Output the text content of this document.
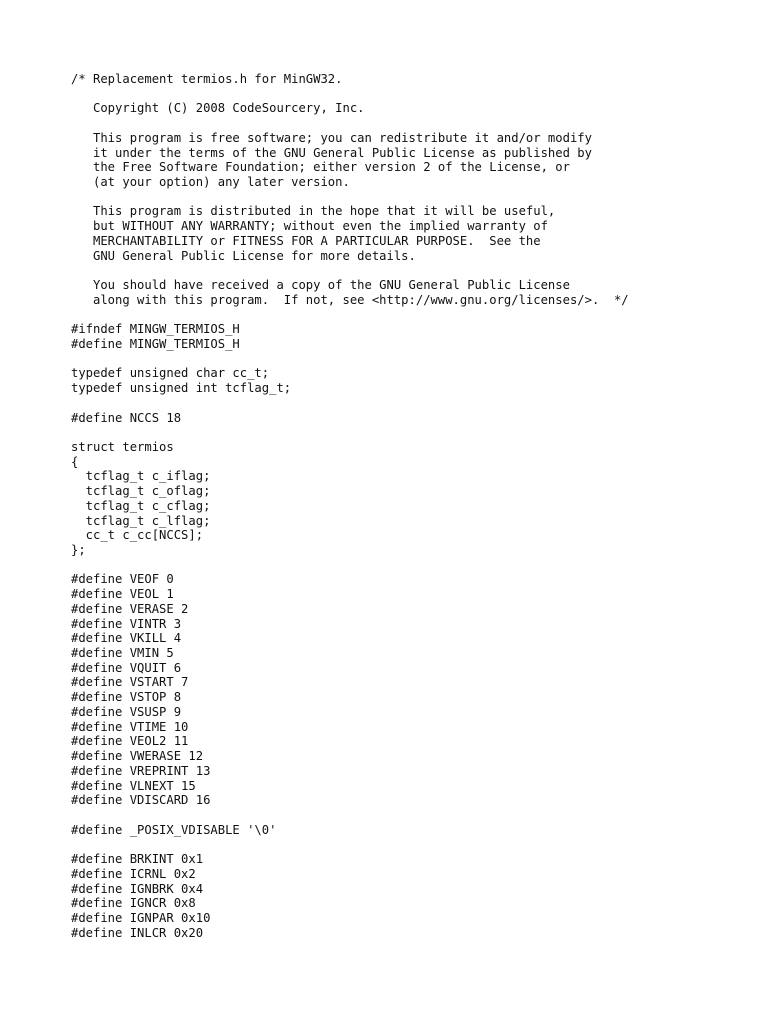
/* Replacement termios.h for MinGW32.
Copyright (C) 2008 CodeSourcery, Inc.
This program is free software; you can redistribute it and/or modify
it under the terms of the GNU General Public License as published by
the Free Software Foundation; either version 2 of the License, or
(at your option) any later version.
This program is distributed in the hope that it will be useful,
but WITHOUT ANY WARRANTY; without even the implied warranty of
MERCHANTABILITY or FITNESS FOR A PARTICULAR PURPOSE.  See the
GNU General Public License for more details.
You should have received a copy of the GNU General Public License
along with this program.  If not, see <http://www.gnu.org/licenses/>.  */
#ifndef MINGW_TERMIOS_H
#define MINGW_TERMIOS_H
typedef unsigned char cc_t;
typedef unsigned int tcflag_t;
#define NCCS 18
struct termios
{
tcflag_t c_iflag;
tcflag_t c_oflag;
tcflag_t c_cflag;
tcflag_t c_lflag;
cc_t c_cc[NCCS];
};
#define VEOF 0
#define VEOL 1
#define VERASE 2
#define VINTR 3
#define VKILL 4
#define VMIN 5
#define VQUIT 6
#define VSTART 7
#define VSTOP 8
#define VSUSP 9
#define VTIME 10
#define VEOL2 11
#define VWERASE 12
#define VREPRINT 13
#define VLNEXT 15
#define VDISCARD 16
#define _POSIX_VDISABLE '\0'
#define BRKINT 0x1
#define ICRNL 0x2
#define IGNBRK 0x4
#define IGNCR 0x8
#define IGNPAR 0x10
#define INLCR 0x20
